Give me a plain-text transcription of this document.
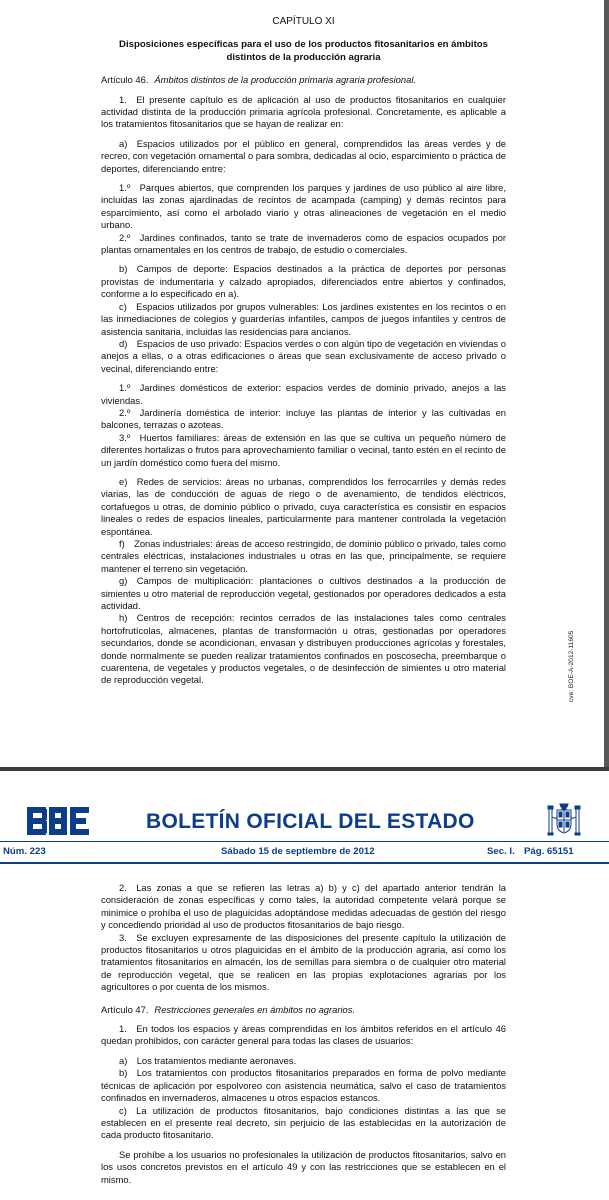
CAPÍTULO XI
Disposiciones específicas para el uso de los productos fitosanitarios en ámbitos distintos de la producción agraria
Artículo 46. Ámbitos distintos de la producción primaria agraria profesional.
1. El presente capítulo es de aplicación al uso de productos fitosanitarios en cualquier actividad distinta de la producción primaria agrícola profesional. Concretamente, es aplicable a los tratamientos fitosanitarios que se hayan de realizar en:
a) Espacios utilizados por el público en general, comprendidos las áreas verdes y de recreo, con vegetación ornamental o para sombra, dedicadas al ocio, esparcimiento o práctica de deportes, diferenciando entre:
1.º Parques abiertos, que comprenden los parques y jardines de uso público al aire libre, incluidas las zonas ajardinadas de recintos de acampada (camping) y demás recintos para esparcimiento, así como el arbolado viario y otras alineaciones de vegetación en el medio urbano.
2.º Jardines confinados, tanto se trate de invernaderos como de espacios ocupados por plantas ornamentales en los centros de trabajo, de estudio o comerciales.
b) Campos de deporte: Espacios destinados a la práctica de deportes por personas provistas de indumentaria y calzado apropiados, diferenciados entre abiertos y confinados, conforme a lo especificado en a).
c) Espacios utilizados por grupos vulnerables: Los jardines existentes en los recintos o en las inmediaciones de colegios y guarderías infantiles, campos de juegos infantiles y centros de asistencia sanitaria, incluidas las residencias para ancianos.
d) Espacios de uso privado: Espacios verdes o con algún tipo de vegetación en viviendas o anejos a ellas, o a otras edificaciones o áreas que sean exclusivamente de acceso privado o vecinal, diferenciando entre:
1.º Jardines domésticos de exterior: espacios verdes de dominio privado, anejos a las viviendas.
2.º Jardinería doméstica de interior: incluye las plantas de interior y las cultivadas en balcones, terrazas o azoteas.
3.º Huertos familiares: áreas de extensión en las que se cultiva un pequeño número de diferentes hortalizas o frutos para aprovechamiento familiar o vecinal, tanto estén en el recinto de un jardín doméstico como fuera del mismo.
e) Redes de servicios: áreas no urbanas, comprendidos los ferrocarriles y demás redes viarias, las de conducción de aguas de riego o de avenamiento, de tendidos eléctricos, cortafuegos u otras, de dominio público o privado, cuya característica es consistir en espacios lineales o redes de espacios lineales, particularmente para mantener controlada la vegetación espontánea.
f) Zonas industriales: áreas de acceso restringido, de dominio público o privado, tales como centrales eléctricas, instalaciones industriales u otras en las que, principalmente, se requiere mantener el terreno sin vegetación.
g) Campos de multiplicación: plantaciones o cultivos destinados a la producción de simientes u otro material de reproducción vegetal, gestionados por operadores dedicados a esta actividad.
h) Centros de recepción: recintos cerrados de las instalaciones tales como centrales hortofrutícolas, almacenes, plantas de transformación u otras, gestionadas por operadores secundarios, donde se acondicionan, envasan y distribuyen producciones agrícolas y forestales, donde normalmente se pueden realizar tratamientos confinados en poscosecha, preembarque o cuarentena, de vegetales y productos vegetales, o de desinfección de simientes u otro material de reproducción vegetal.	cve: BOE-A-2012-11605
BOLETÍN OFICIAL DEL ESTADO
Núm. 223	Sábado 15 de septiembre de 2012	Sec. I. Pág. 65151
2. Las zonas a que se refieren las letras a) b) y c) del apartado anterior tendrán la consideración de zonas específicas y como tales, la autoridad competente velará porque se minimice o prohíba el uso de plaguicidas adoptándose medidas adecuadas de gestión del riesgo y concediendo prioridad al uso de productos fitosanitarios de bajo riesgo.
3. Se excluyen expresamente de las disposiciones del presente capítulo la utilización de productos fitosanitarios u otros plaguicidas en el ámbito de la producción agraria, así como los tratamientos fitosanitarios en almacén, los de semillas para siembra o de cualquier otro material de reproducción vegetal, que se realicen en las propias explotaciones agrarias por los agricultores o por cuenta de los mismos.
Artículo 47. Restricciones generales en ámbitos no agrarios.
1. En todos los espacios y áreas comprendidas en los ámbitos referidos en el artículo 46 quedan prohibidos, con carácter general para todas las clases de usuarios:
a) Los tratamientos mediante aeronaves.
b) Los tratamientos con productos fitosanitarios preparados en forma de polvo mediante técnicas de aplicación por espolvoreo con asistencia neumática, salvo el caso de tratamientos confinados en invernaderos, almacenes u otros espacios estancos.
c) La utilización de productos fitosanitarios, bajo condiciones distintas a las que se establecen en el presente real decreto, sin perjuicio de las establecidas en la autorización de cada producto fitosanitario.
Se prohíbe a los usuarios no profesionales la utilización de productos fitosanitarios, salvo en los usos concretos previstos en el artículo 49 y con las restricciones que se establecen en el mismo.
